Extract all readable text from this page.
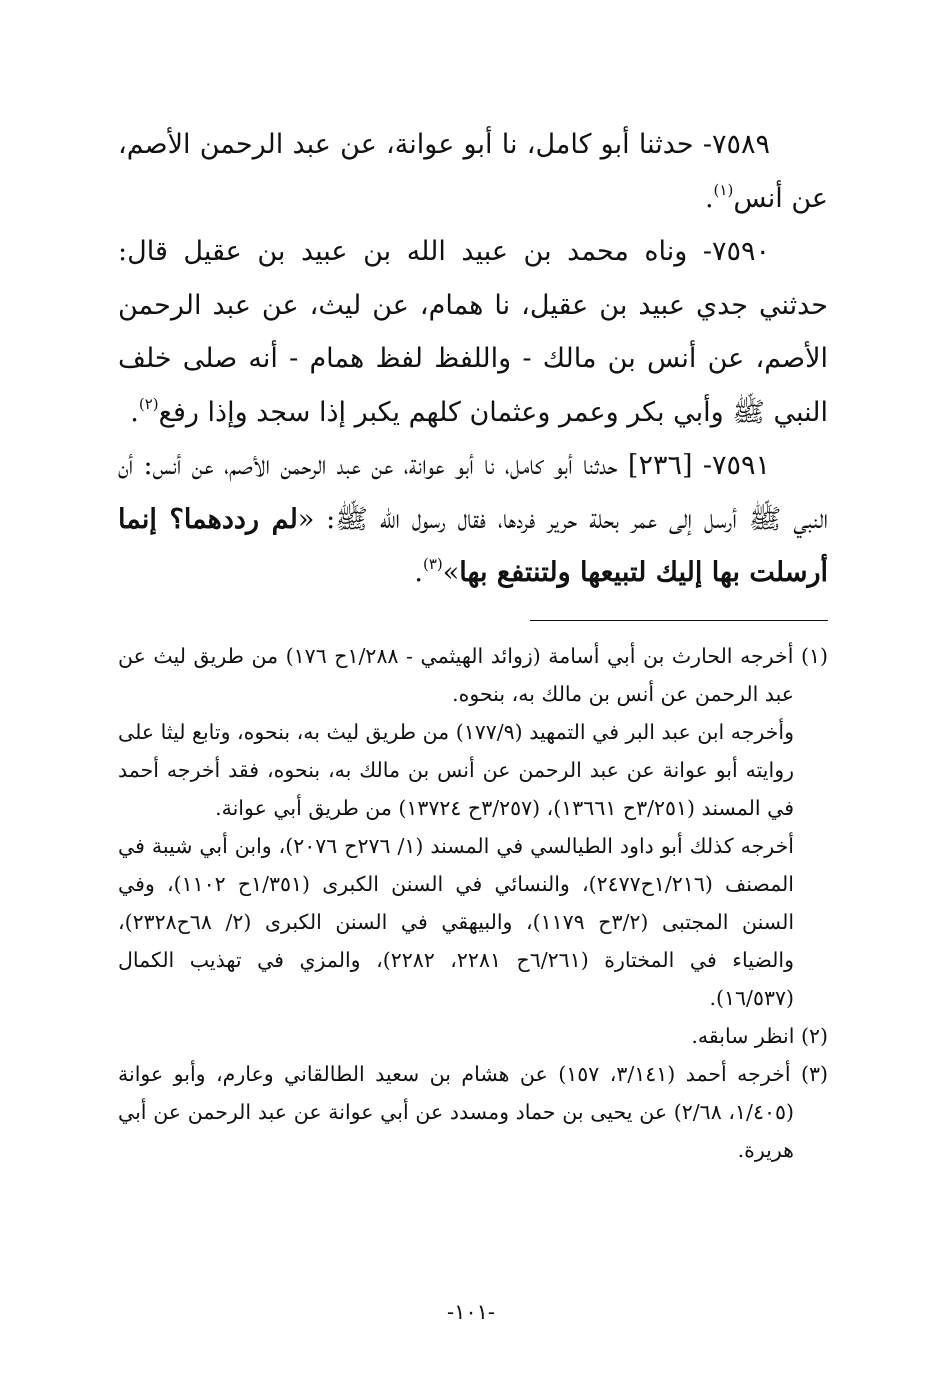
٧٥٨٩- حدثنا أبو كامل، نا أبو عوانة، عن عبد الرحمن الأصم، عن أنس$^{(١)}$.

٧٥٩٠- وناه محمد بن عبيد الله بن عبيد بن عقيل قال: حدثني جدي عبيد بن عقيل، نا همام، عن ليث، عن عبد الرحمن الأصم، عن أنس بن مالك - واللفظ لفظ همام - أنه صلى خلف النبي ﷺ وأبي بكر وعمر وعثمان كلهم يكبر إذا سجد وإذا رفع$^{(٢)}$.

٧٥٩١- [٢٣٦] حدثنا أبو كامل، نا أبو عوانة، عن عبد الرحمن الأصم، عن أنس: أن النبي ﷺ أرسل إلى عمر بحلة حرير فردها، فقال رسول الله ﷺ: «لم رددهما؟ إنما أرسلت بها إليك لتبيعها ولتنتفع بها»$^{(٣)}$.

(١) أخرجه الحارث بن أبي أسامة (زوائد الهيثمي - ١/٢٨٨ح ١٧٦) من طريق ليث عن عبد الرحمن عن أنس بن مالك به، بنحوه.

وأخرجه ابن عبد البر في التمهيد (١٧٧/٩) من طريق ليث به، بنحوه، وتابع ليثا على روايته أبو عوانة عن عبد الرحمن عن أنس بن مالك به، بنحوه، فقد أخرجه أحمد في المسند (٣/٢٥١ح ١٣٦٦١)، (٣/٢٥٧ح ١٣٧٢٤) من طريق أبي عوانة.

أخرجه كذلك أبو داود الطيالسي في المسند (١/ ٢٧٦ح ٢٠٧٦)، وابن أبي شيبة في المصنف (١/٢١٦ح٢٤٧٧)، والنسائي في السنن الكبرى (١/٣٥١ح ١١٠٢)، وفي السنن المجتبى (٣/٢ح ١١٧٩)، والبيهقي في السنن الكبرى (٢/ ٦٨ح٢٣٢٨)، والضياء في المختارة (٦/٢٦١ح ٢٢٨١، ٢٢٨٢)، والمزي في تهذيب الكمال (١٦/٥٣٧).

(٢) انظر سابقه.

(٣) أخرجه أحمد (٣/١٤١، ١٥٧) عن هشام بن سعيد الطالقاني وعارم، وأبو عوانة (١/٤٠٥، ٢/٦٨) عن يحيى بن حماد ومسدد عن أبي عوانة عن عبد الرحمن عن أبي هريرة.

-١٠١-
